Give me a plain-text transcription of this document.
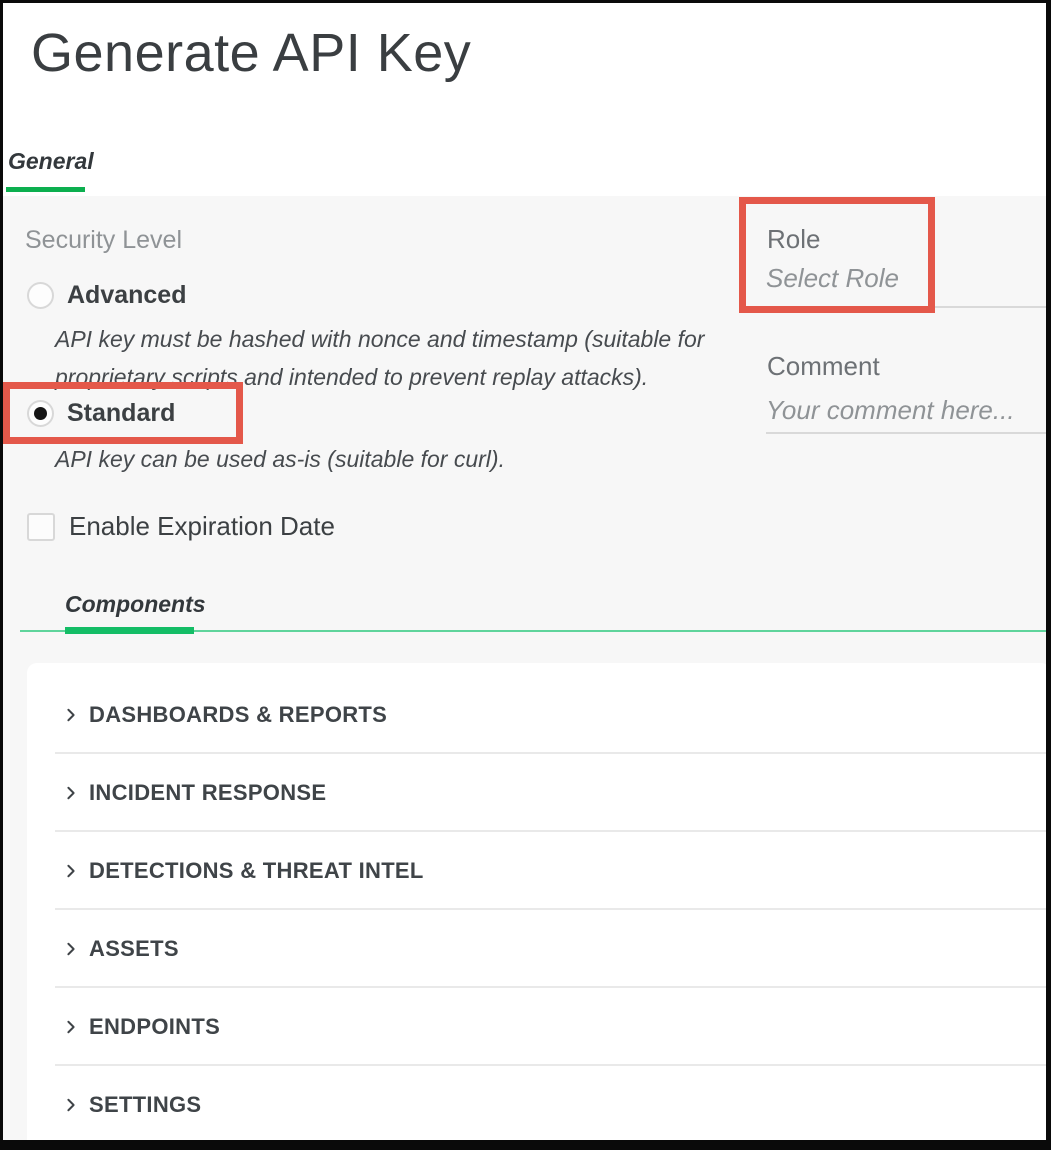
Generate API Key
General
Security Level
Advanced
API key must be hashed with nonce and timestamp (suitable for
proprietary scripts and intended to prevent replay attacks).
Standard
API key can be used as-is (suitable for curl).
Enable Expiration Date
Role
Select Role
Comment
Your comment here...
Components
DASHBOARDS & REPORTS
INCIDENT RESPONSE
DETECTIONS & THREAT INTEL
ASSETS
ENDPOINTS
SETTINGS
